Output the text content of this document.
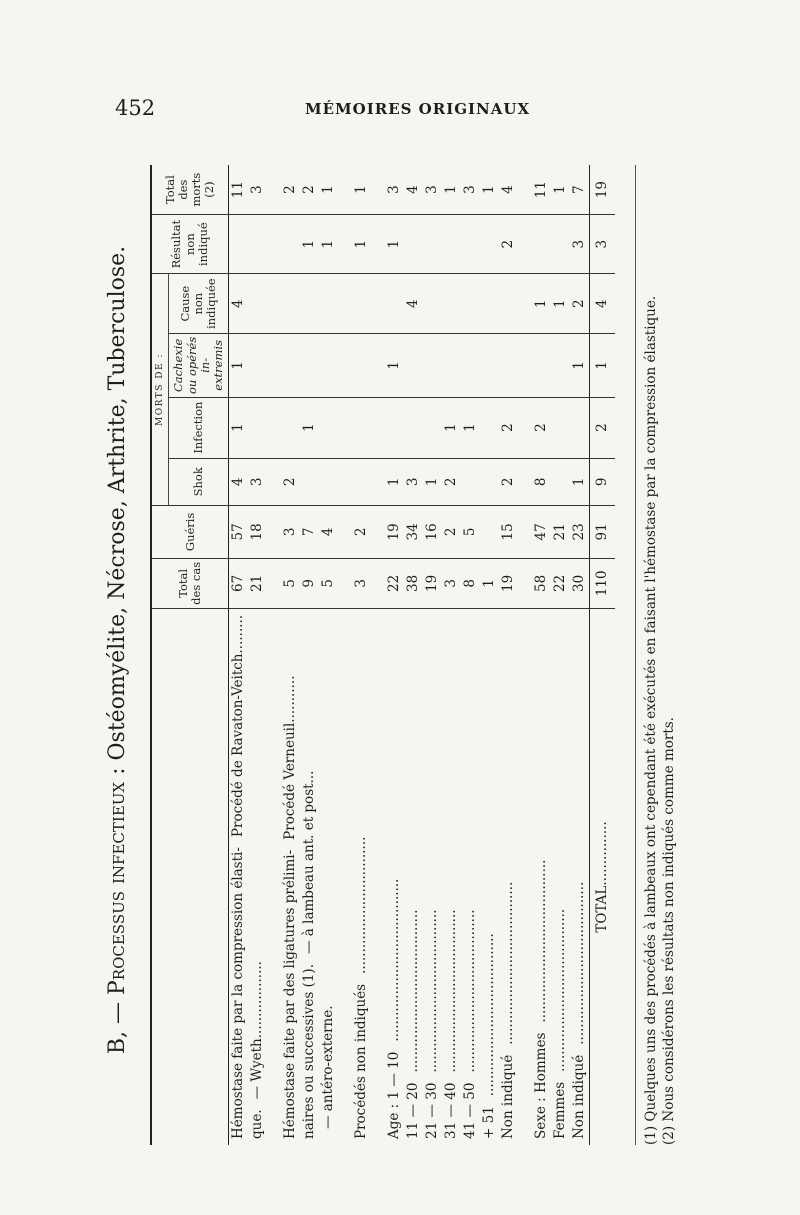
452	MÉMOIRES ORIGINAUX
B, — Processus infectieux : Ostéomyélite, Nécrose, Arthrite, Tuberculose.
		Total des cas	Guéris	MORTS DE :				Résultat non indiqué	Total des morts (2)
			Shok	Infection	Cachexie ou opérés in-extremis	Cause non indiquée		
Hémostase faite par la compression élasti-Procédé de Ravaton-Veitch.........	67	57	4	1	1	4		11
que.— Wyeth..................	21	18	3					3

Hémostase faite par des ligatures prélimi-Procédé Verneuil...........	5	3	2					2
naires ou successives (1).— à lambeau ant. et post...	9	7		1			1	2
— antéro-externe.	5	4					1	1

Procédés non indiqués................................	3	2					1	1

Age : 1 — 10......................................	22	19	1		1		1	3
11 — 20......................................	38	34	3			4		4
21 — 30......................................	19	16	1					3
31 — 40......................................	3	2	2	1				1
41 — 50......................................	8	5		1				3
+ 51......................................	1							1
Non indiqué......................................	19	15	2	2			2	4

Sexe : Hommes......................................	58	47	8	2		1		11
Femmes......................................	22	21				1		1
Non indiqué......................................	30	23	1		1	2	3	7
TOTAL...............	110	91	9	2	1	4	3	19
(1) Quelques uns des procédés à lambeaux ont cependant été exécutés en faisant l'hémostase par la compression élastique. (2) Nous considérons les résultats non indiqués comme morts.
